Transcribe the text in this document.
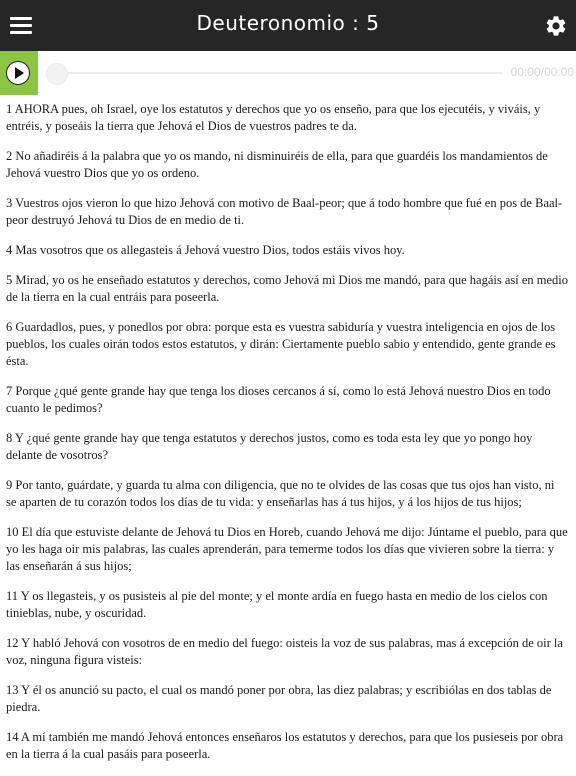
Deuteronomio : 5
00:00/00:00

1 AHORA pues, oh Israel, oye los estatutos y derechos que yo os enseño, para que los ejecutéis, y viváis, y entréis, y poseáis la tierra que Jehová el Dios de vuestros padres te da.

2 No añadiréis á la palabra que yo os mando, ni disminuiréis de ella, para que guardéis los mandamientos de Jehová vuestro Dios que yo os ordeno.

3 Vuestros ojos vieron lo que hizo Jehová con motivo de Baal-peor; que á todo hombre que fué en pos de Baal-peor destruyó Jehová tu Dios de en medio de ti.

4 Mas vosotros que os allegasteis á Jehová vuestro Dios, todos estáis vivos hoy.

5 Mirad, yo os he enseñado estatutos y derechos, como Jehová mi Dios me mandó, para que hagáis así en medio de la tierra en la cual entráis para poseerla.

6 Guardadlos, pues, y ponedlos por obra: porque esta es vuestra sabiduría y vuestra inteligencia en ojos de los pueblos, los cuales oirán todos estos estatutos, y dirán: Ciertamente pueblo sabio y entendido, gente grande es ésta.

7 Porque ¿qué gente grande hay que tenga los dioses cercanos á sí, como lo está Jehová nuestro Dios en todo cuanto le pedimos?

8 Y ¿qué gente grande hay que tenga estatutos y derechos justos, como es toda esta ley que yo pongo hoy delante de vosotros?

9 Por tanto, guárdate, y guarda tu alma con diligencia, que no te olvides de las cosas que tus ojos han visto, ni se aparten de tu corazón todos los días de tu vida: y enseñarlas has á tus hijos, y á los hijos de tus hijos;

10 El día que estuviste delante de Jehová tu Dios en Horeb, cuando Jehová me dijo: Júntame el pueblo, para que yo les haga oir mis palabras, las cuales aprenderán, para temerme todos los días que vivieren sobre la tierra: y las enseñarán á sus hijos;

11 Y os llegasteis, y os pusisteis al pie del monte; y el monte ardía en fuego hasta en medio de los cielos con tinieblas, nube, y oscuridad.

12 Y habló Jehová con vosotros de en medio del fuego: oisteis la voz de sus palabras, mas á excepción de oir la voz, ninguna figura visteis:

13 Y él os anunció su pacto, el cual os mandó poner por obra, las diez palabras; y escribiólas en dos tablas de piedra.

14 A mí también me mandó Jehová entonces enseñaros los estatutos y derechos, para que los pusieseis por obra en la tierra á la cual pasáis para poseerla.
